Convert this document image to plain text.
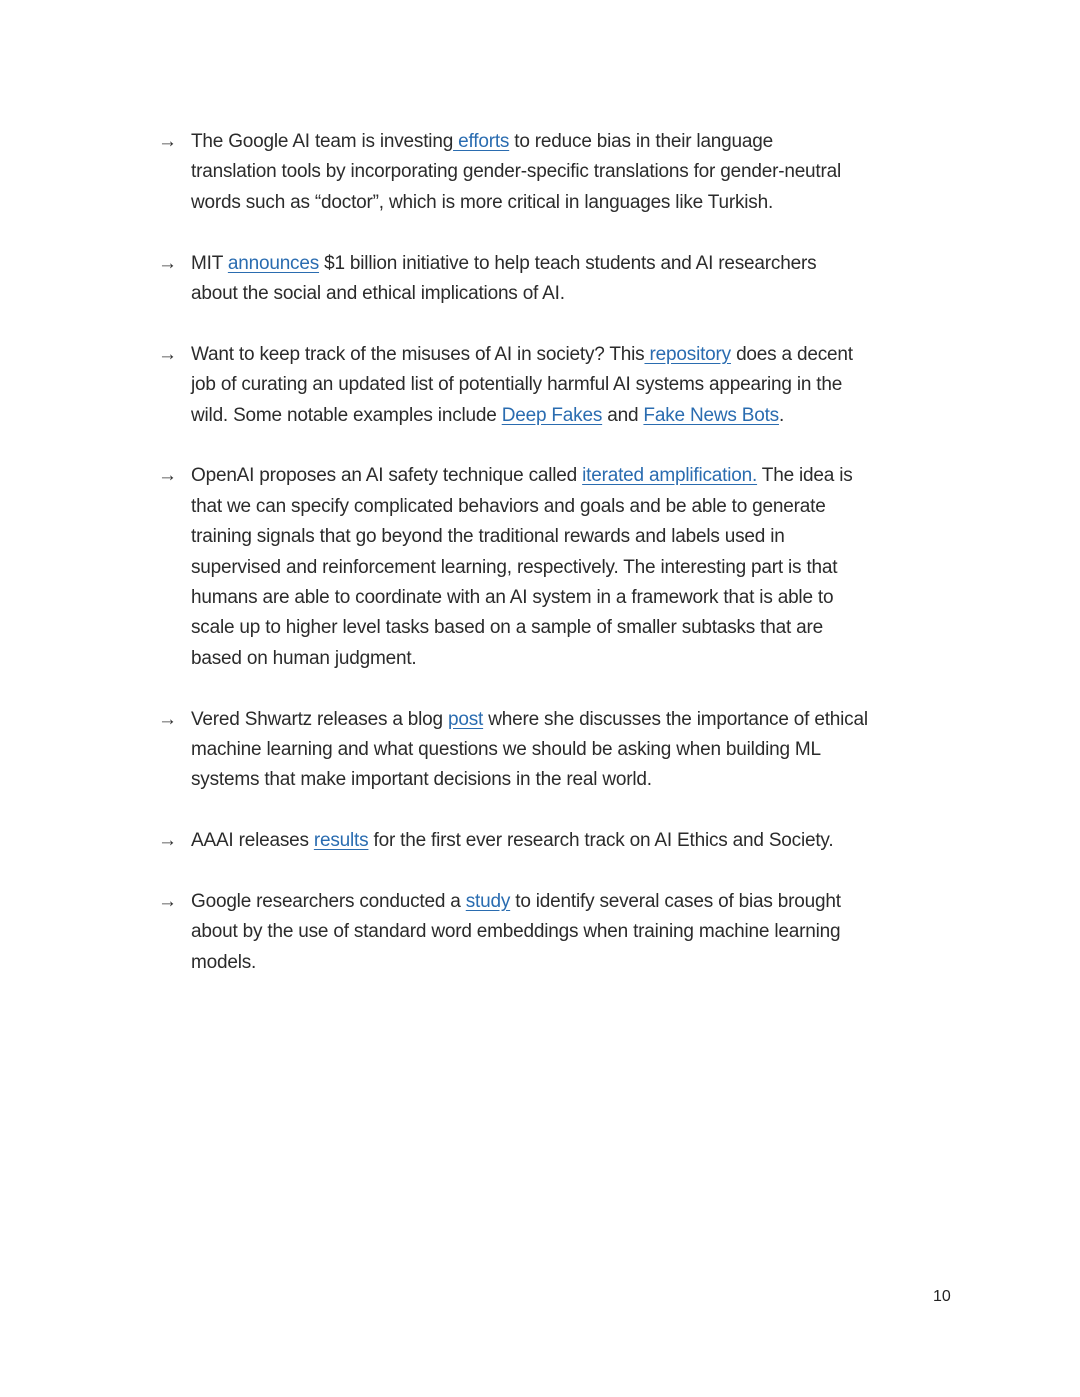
→ The Google AI team is investing efforts to reduce bias in their language
translation tools by incorporating gender-specific translations for gender-neutral
words such as “doctor”, which is more critical in languages like Turkish.
→ MIT announces $1 billion initiative to help teach students and AI researchers
about the social and ethical implications of AI.
→ Want to keep track of the misuses of AI in society? This repository does a decent
job of curating an updated list of potentially harmful AI systems appearing in the
wild. Some notable examples include Deep Fakes and Fake News Bots.
→ OpenAI proposes an AI safety technique called iterated amplification. The idea is
that we can specify complicated behaviors and goals and be able to generate
training signals that go beyond the traditional rewards and labels used in
supervised and reinforcement learning, respectively. The interesting part is that
humans are able to coordinate with an AI system in a framework that is able to
scale up to higher level tasks based on a sample of smaller subtasks that are
based on human judgment.
→ Vered Shwartz releases a blog post where she discusses the importance of ethical
machine learning and what questions we should be asking when building ML
systems that make important decisions in the real world.
→ AAAI releases results for the first ever research track on AI Ethics and Society.
→ Google researchers conducted a study to identify several cases of bias brought
about by the use of standard word embeddings when training machine learning
models.
10
